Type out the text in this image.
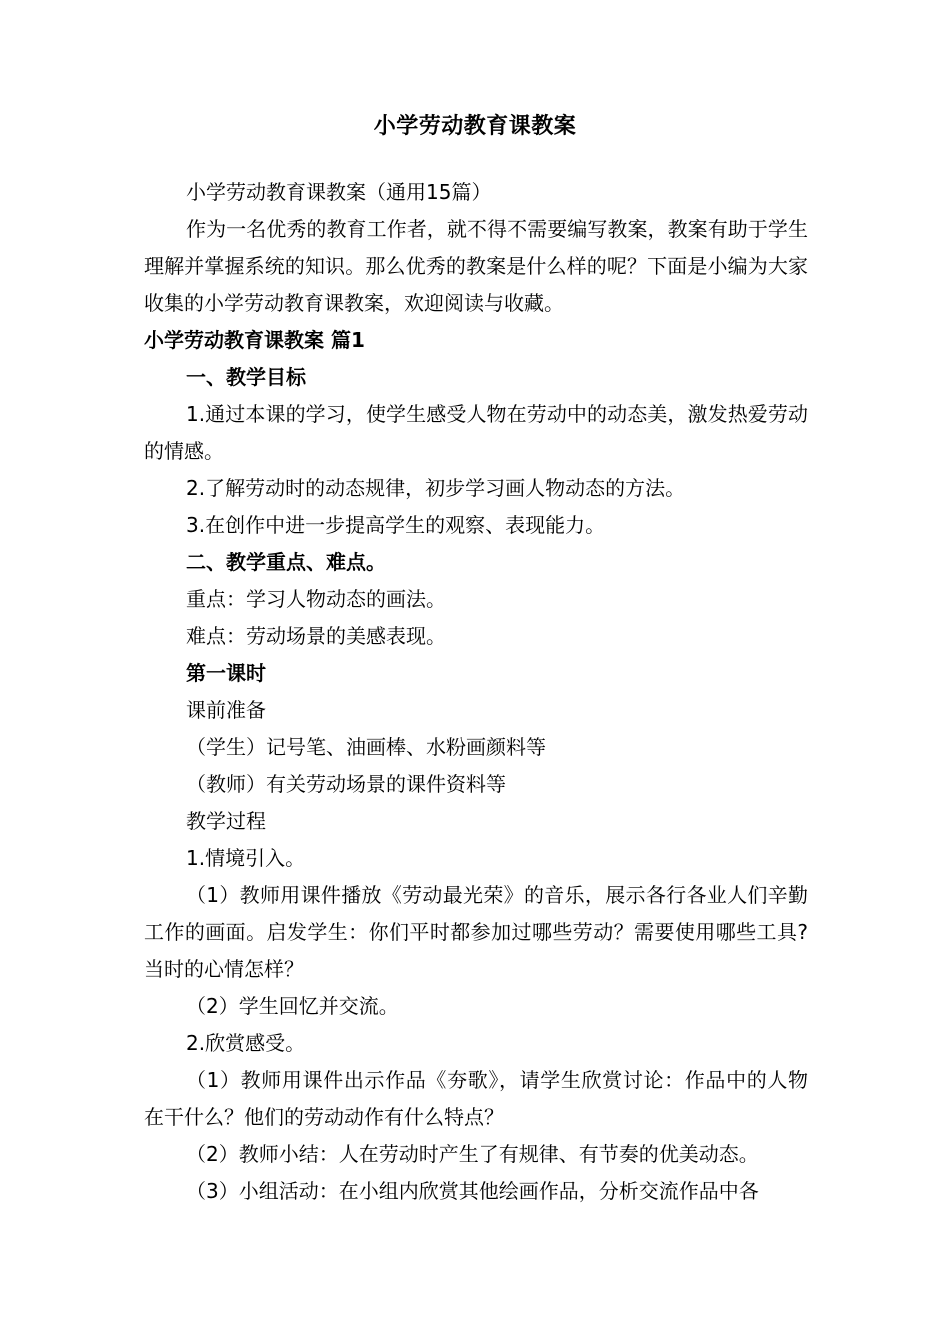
小学劳动教育课教案

小学劳动教育课教案（通用15篇）

作为一名优秀的教育工作者，就不得不需要编写教案，教案有助于学生理解并掌握系统的知识。那么优秀的教案是什么样的呢？下面是小编为大家收集的小学劳动教育课教案，欢迎阅读与收藏。

小学劳动教育课教案 篇1

一、教学目标

1.通过本课的学习，使学生感受人物在劳动中的动态美，激发热爱劳动的情感。

2.了解劳动时的动态规律，初步学习画人物动态的方法。

3.在创作中进一步提高学生的观察、表现能力。

二、教学重点、难点。

重点：学习人物动态的画法。

难点：劳动场景的美感表现。

第一课时

课前准备

（学生）记号笔、油画棒、水粉画颜料等

（教师）有关劳动场景的课件资料等

教学过程

1.情境引入。

（1）教师用课件播放《劳动最光荣》的音乐，展示各行各业人们辛勤工作的画面。启发学生：你们平时都参加过哪些劳动？需要使用哪些工具?当时的心情怎样？

（2）学生回忆并交流。

2.欣赏感受。

（1）教师用课件出示作品《夯歌》，请学生欣赏讨论：作品中的人物在干什么？他们的劳动动作有什么特点？

（2）教师小结：人在劳动时产生了有规律、有节奏的优美动态。

（3）小组活动：在小组内欣赏其他绘画作品，分析交流作品中各
